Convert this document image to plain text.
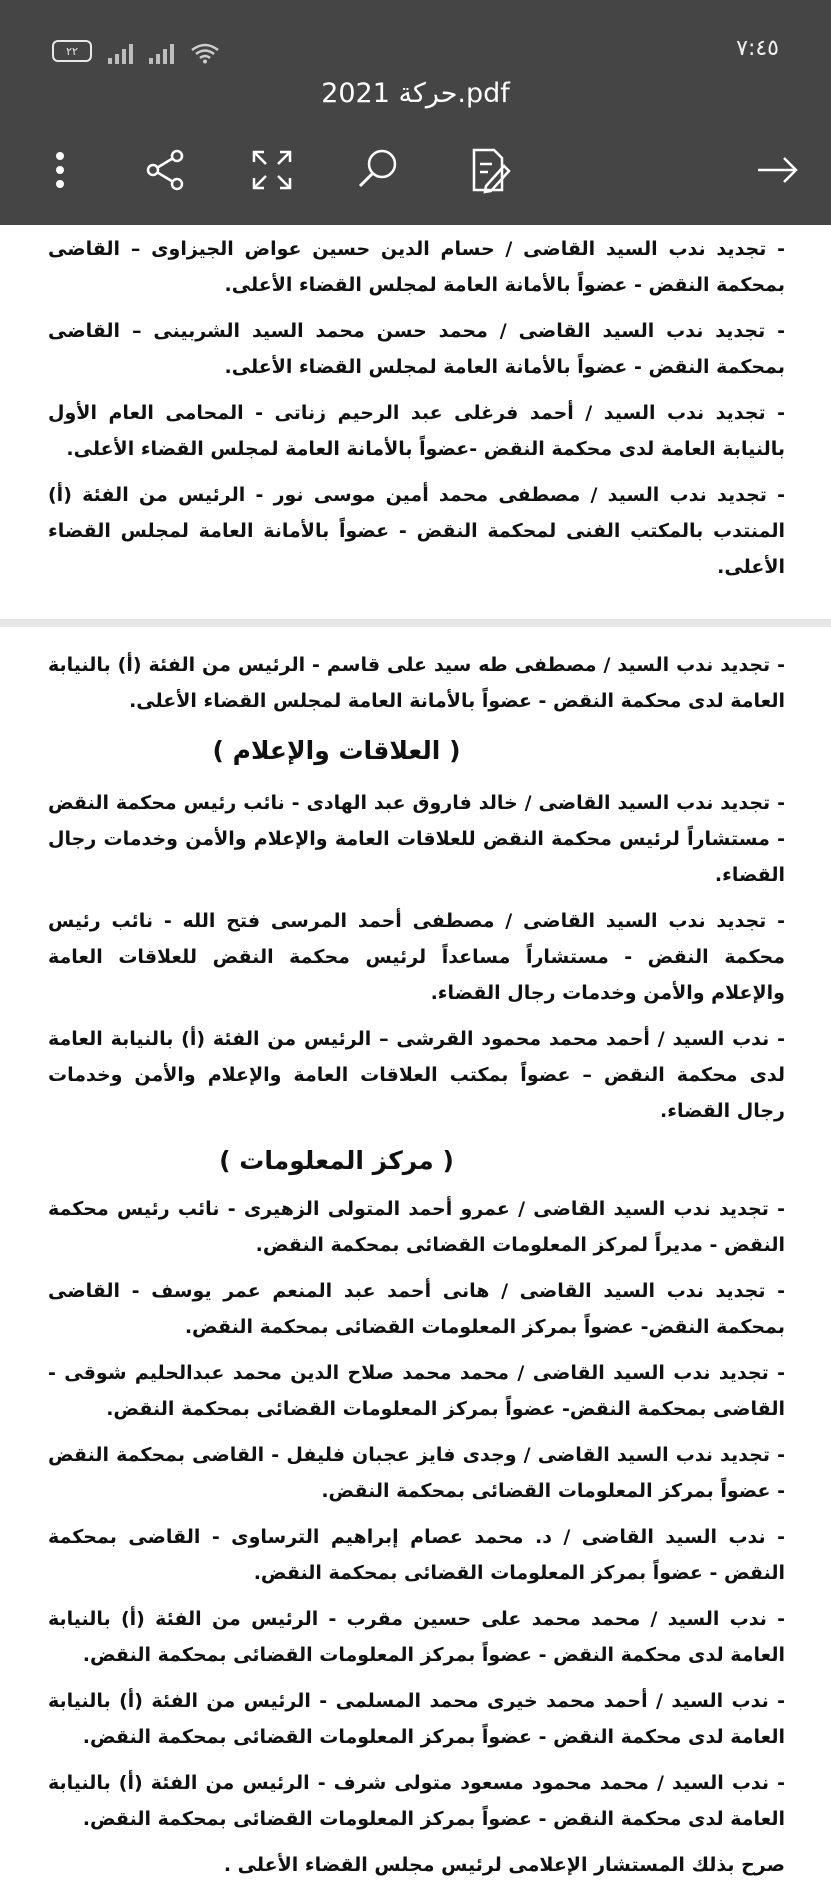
٢٢	٧:٤٥
حركة 2021.pdf

- تجديد ندب السيد القاضى / حسام الدين حسين عواض الجيزاوى – القاضى بمحكمة النقض - عضواً بالأمانة العامة لمجلس القضاء الأعلى.

- تجديد ندب السيد القاضى / محمد حسن محمد السيد الشربينى – القاضى بمحكمة النقض - عضواً بالأمانة العامة لمجلس القضاء الأعلى.

- تجديد ندب السيد / أحمد فرغلى عبد الرحيم زناتى - المحامى العام الأول بالنيابة العامة لدى محكمة النقض -عضواً بالأمانة العامة لمجلس القضاء الأعلى.

- تجديد ندب السيد / مصطفى محمد أمين موسى نور - الرئيس من الفئة (أ) المنتدب بالمكتب الفنى لمحكمة النقض - عضواً بالأمانة العامة لمجلس القضاء الأعلى.

- تجديد ندب السيد / مصطفى طه سيد على قاسم - الرئيس من الفئة (أ) بالنيابة العامة لدى محكمة النقض - عضواً بالأمانة العامة لمجلس القضاء الأعلى.

( العلاقات والإعلام )

- تجديد ندب السيد القاضى / خالد فاروق عبد الهادى - نائب رئيس محكمة النقض - مستشاراً لرئيس محكمة النقض للعلاقات العامة والإعلام والأمن وخدمات رجال القضاء.

- تجديد ندب السيد القاضى / مصطفى أحمد المرسى فتح الله - نائب رئيس محكمة النقض - مستشاراً مساعداً لرئيس محكمة النقض للعلاقات العامة والإعلام والأمن وخدمات رجال القضاء.

- ندب السيد / أحمد محمد محمود القرشى – الرئيس من الفئة (أ) بالنيابة العامة لدى محكمة النقض – عضواً بمكتب العلاقات العامة والإعلام والأمن وخدمات رجال القضاء.

( مركز المعلومات )

- تجديد ندب السيد القاضى / عمرو أحمد المتولى الزهيرى - نائب رئيس محكمة النقض - مديراً لمركز المعلومات القضائى بمحكمة النقض.

- تجديد ندب السيد القاضى / هانى أحمد عبد المنعم عمر يوسف - القاضى بمحكمة النقض- عضواً بمركز المعلومات القضائى بمحكمة النقض.

- تجديد ندب السيد القاضى / محمد محمد صلاح الدين محمد عبدالحليم شوقى - القاضى بمحكمة النقض- عضواً بمركز المعلومات القضائى بمحكمة النقض.

- تجديد ندب السيد القاضى / وجدى فايز عجبان فليفل - القاضى بمحكمة النقض - عضواً بمركز المعلومات القضائى بمحكمة النقض.

- ندب السيد القاضى / د. محمد عصام إبراهيم الترساوى - القاضى بمحكمة النقض - عضواً بمركز المعلومات القضائى بمحكمة النقض.

- ندب السيد / محمد محمد على حسين مقرب - الرئيس من الفئة (أ) بالنيابة العامة لدى محكمة النقض - عضواً بمركز المعلومات القضائى بمحكمة النقض.

- ندب السيد / أحمد محمد خيرى محمد المسلمى - الرئيس من الفئة (أ) بالنيابة العامة لدى محكمة النقض - عضواً بمركز المعلومات القضائى بمحكمة النقض.

- ندب السيد / محمد محمود مسعود متولى شرف - الرئيس من الفئة (أ) بالنيابة العامة لدى محكمة النقض - عضواً بمركز المعلومات القضائى بمحكمة النقض.

صرح بذلك المستشار الإعلامى لرئيس مجلس القضاء الأعلى .
